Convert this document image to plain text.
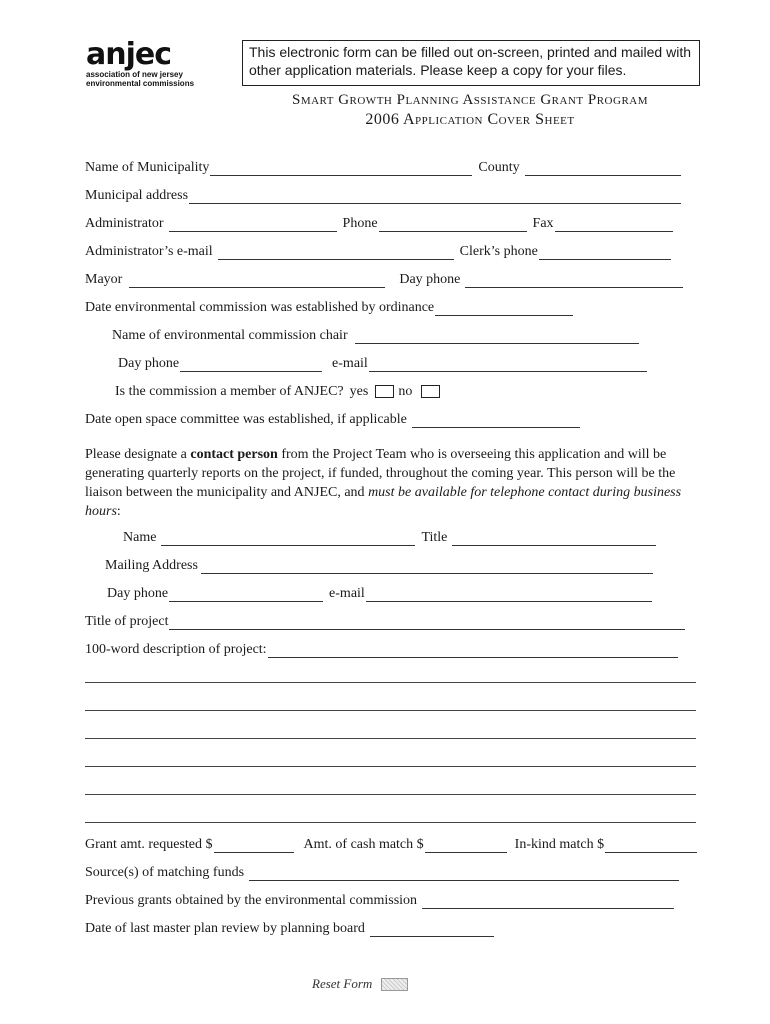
anjec
association of new jersey
environmental commissions
This electronic form can be filled out on-screen, printed and mailed with other application materials. Please keep a copy for your files.
Smart Growth Planning Assistance Grant Program
2006 Application Cover Sheet
Name of Municipality	County
Municipal address
Administrator	Phone	Fax
Administrator’s e-mail	Clerk’s phone
Mayor	Day phone
Date environmental commission was established by ordinance
Name of environmental commission chair
Day phone	e-mail
Is the commission a member of ANJEC? yes no
Date open space committee was established, if applicable
Please designate a contact person from the Project Team who is overseeing this application and will be generating quarterly reports on the project, if funded, throughout the coming year. This person will be the liaison between the municipality and ANJEC, and must be available for telephone contact during business hours:
Name	Title
Mailing Address
Day phone	e-mail
Title of project
100-word description of project:
Grant amt. requested $	Amt. of cash match $	In-kind match $
Source(s) of matching funds
Previous grants obtained by the environmental commission
Date of last master plan review by planning board
Reset Form
